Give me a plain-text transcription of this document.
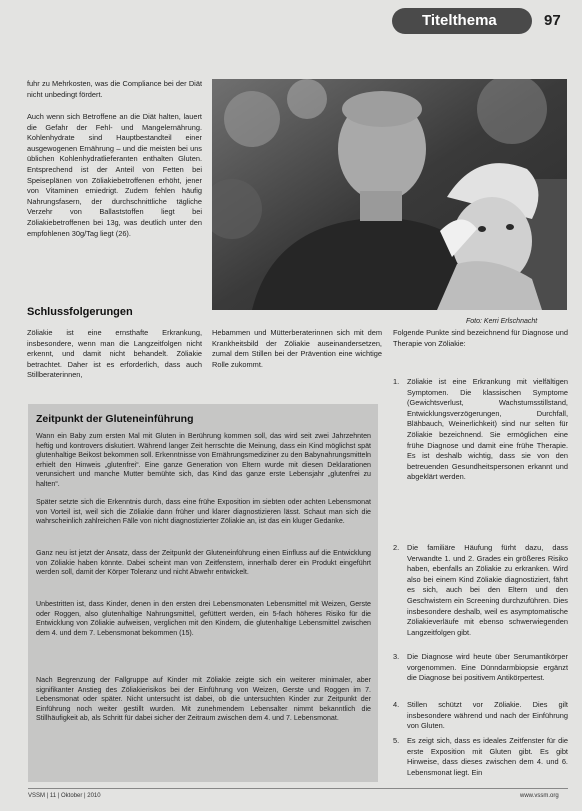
Titelthema	97
fuhr zu Mehrkosten, was die Compliance bei der Diät nicht unbedingt fördert.
Auch wenn sich Betroffene an die Diät halten, lauert die Gefahr der Fehl- und Mangelernährung. Kohlenhydrate sind Hauptbestandteil einer ausgewogenen Ernährung – und die meisten bei uns üblichen Kohlenhydratlieferanten enthalten Gluten. Entsprechend ist der Anteil von Fetten bei Speiseplänen von Zöliakiebetroffenen erhöht, jener von Vitaminen erniedrigt. Zudem fehlen häufig Nahrungsfasern, der durchschnittliche tägliche Verzehr von Ballaststoffen liegt bei Zöliakiebetroffenen bei 13g, was deutlich unter den empfohlenen 30g/Tag liegt (26).
Foto: Kerri Erlschnacht
Schlussfolgerungen
Zöliakie ist eine ernsthafte Erkrankung, insbesondere, wenn man die Langzeitfolgen nicht erkennt, und damit nicht behandelt. Zöliakie betrachtet. Daher ist es erforderlich, dass auch Stillberaterinnen,
Hebammen und Mütterberaterinnen sich mit dem Krankheitsbild der Zöliakie auseinandersetzen, zumal dem Stillen bei der Prävention eine wichtige Rolle zukommt.
Folgende Punkte sind bezeichnend für Diagnose und Therapie von Zöliakie:
1. Zöliakie ist eine Erkrankung mit vielfältigen Symptomen. Die klassischen Symptome (Gewichtsverlust, Wachstumsstillstand, Entwicklungsverzögerungen, Durchfall, Blähbauch, Weinerlichkeit) sind nur selten für Zöliakie bezeichnend. Sie ermöglichen eine frühe Diagnose und damit eine frühe Therapie. Es ist deshalb wichtig, dass sie von den betreuenden Gesundheitspersonen erkannt und abgeklärt werden.
2. Die familiäre Häufung fürht dazu, dass Verwandte 1. und 2. Grades ein größeres Risiko haben, ebenfalls an Zöliakie zu erkranken. Wird also bei einem Kind Zöliakie diagnostiziert, fährt es sich, auch bei den Eltern und den Geschwistern ein Screening durchzuführen. Dies insbesondere deshalb, weil es asymptomatische Zöliakieverläufe mit ebenso schwerwiegenden Langzeitfolgen gibt.
3. Die Diagnose wird heute über Serumantikörper vorgenommen. Eine Dünndarmbiopsie ergänzt die Diagnose bei positivem Antikörpertest.
4. Stillen schützt vor Zöliakie. Dies gilt insbesondere während und nach der Einführung von Gluten.
5. Es zeigt sich, dass es ideales Zeitfenster für die erste Exposition mit Gluten gibt. Es gibt Hinweise, dass dieses zwischen dem 4. und 6. Lebensmonat liegt. Ein
Zeitpunkt der Gluteneinführung
Wann ein Baby zum ersten Mal mit Gluten in Berührung kommen soll, das wird seit zwei Jahrzehnten heftig und kontrovers diskutiert. Während langer Zeit herrschte die Meinung, dass ein Kind möglichst spät glutenhaltige Beikost bekommen soll. Erkenntnisse von Ernährungsmediziner zu den Babynahrungsmitteln erhielt den Hinweis „glutenfrei“. Eine ganze Generation von Eltern wurde mit diesen Deklarationen verunsichert und manche Mutter bemühte sich, das Kind das ganze erste Lebensjahr „glutenfrei zu halten“.
Später setzte sich die Erkenntnis durch, dass eine frühe Exposition im siebten oder achten Lebensmonat von Vorteil ist, weil sich die Zöliakie dann früher und klarer diagnostizieren lässt. Schaut man sich die wahrscheinlich zahlreichen Fälle von nicht diagnostizierter Zöliakie an, ist das ein kluger Gedanke.
Ganz neu ist jetzt der Ansatz, dass der Zeitpunkt der Gluteneinführung einen Einfluss auf die Entwicklung von Zöliakie haben könnte. Dabei scheint man von Zeitfenstern, innerhalb derer ein Produkt eingeführt werden soll, damit der Körper Toleranz und nicht Abwehr entwickelt.
Unbestritten ist, dass Kinder, denen in den ersten drei Lebensmonaten Lebensmittel mit Weizen, Gerste oder Roggen, also glutenhaltige Nahrungsmittel, gefüttert werden, ein 5-fach höheres Risiko für die Entwicklung von Zöliakie aufweisen, verglichen mit den Kindern, die glutenhaltige Lebensmittel zwischen dem 4. und dem 7. Lebensmonat bekommen (15).
Nach Begrenzung der Fallgruppe auf Kinder mit Zöliakie zeigte sich ein weiterer minimaler, aber signifikanter Anstieg des Zöliakierisikos bei der Einführung von Weizen, Gerste und Roggen im 7. Lebensmonat oder später. Nicht untersucht ist dabei, ob die untersuchten Kinder zur Zeitpunkt der Einführung noch weiter gestillt wurden. Mit zunehmendem Lebensalter nimmt bekanntlich die Stillhäufigkeit ab, als Schritt für dabei sicher der Zeitraum zwischen dem 4. und 7. Lebensmonat.
VSSM | 11 | Oktober | 2010	www.vssm.org
